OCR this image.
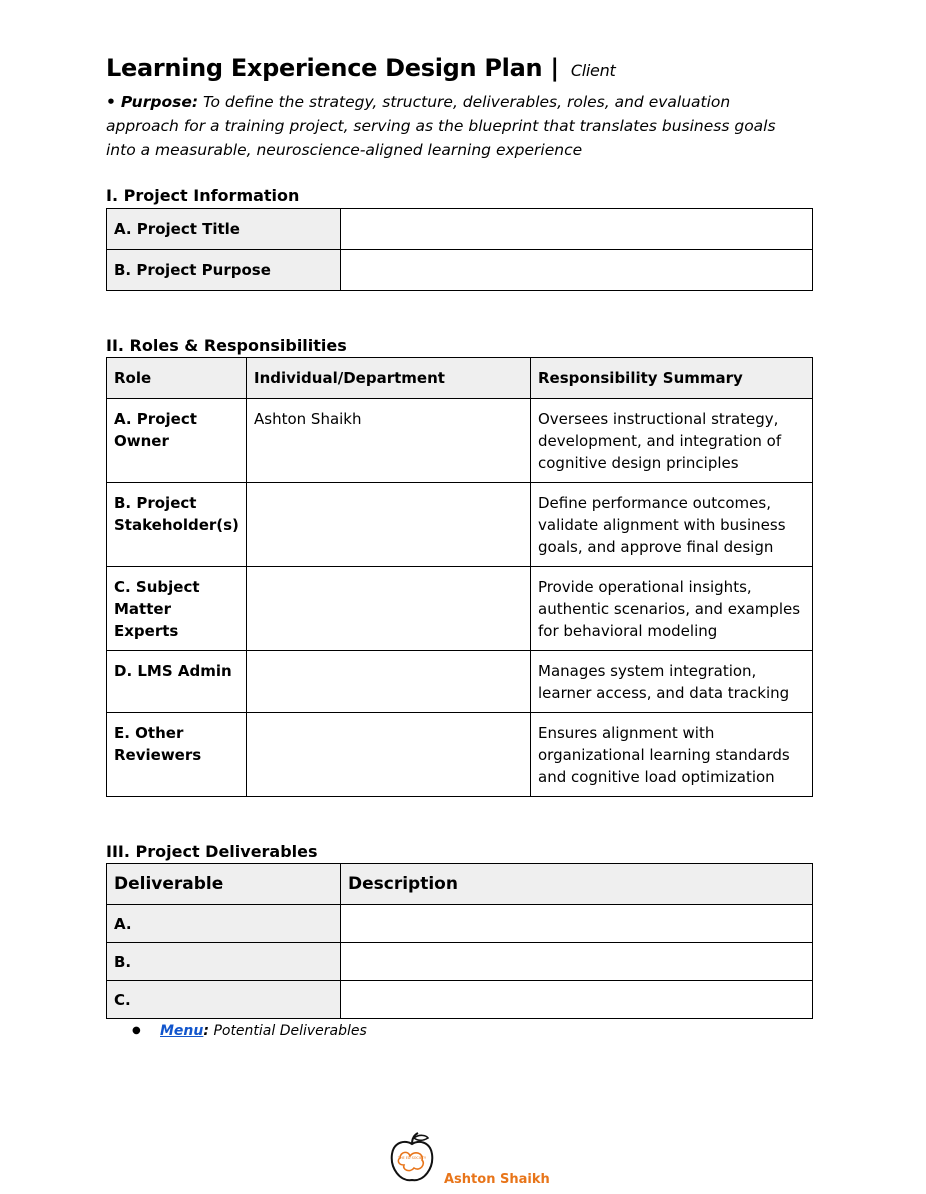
Learning Experience Design Plan | Client
• Purpose: To define the strategy, structure, deliverables, roles, and evaluation approach for a training project, serving as the blueprint that translates business goals into a measurable, neuroscience-aligned learning experience
I. Project Information
A. Project Title	
B. Project Purpose	
II. Roles & Responsibilities
Role	Individual/Department	Responsibility Summary
A. Project Owner	Ashton Shaikh	Oversees instructional strategy, development, and integration of cognitive design principles
B. Project Stakeholder(s)		Define performance outcomes, validate alignment with business goals, and approve final design
C. Subject Matter Experts		Provide operational insights, authentic scenarios, and examples for behavioral modeling
D. LMS Admin		Manages system integration, learner access, and data tracking
E. Other Reviewers		Ensures alignment with organizational learning standards and cognitive load optimization
III. Project Deliverables
Deliverable	Description
A.	
B.	
C.	
● Menu: Potential Deliverables
THE ED SOCIETY
Ashton Shaikh
